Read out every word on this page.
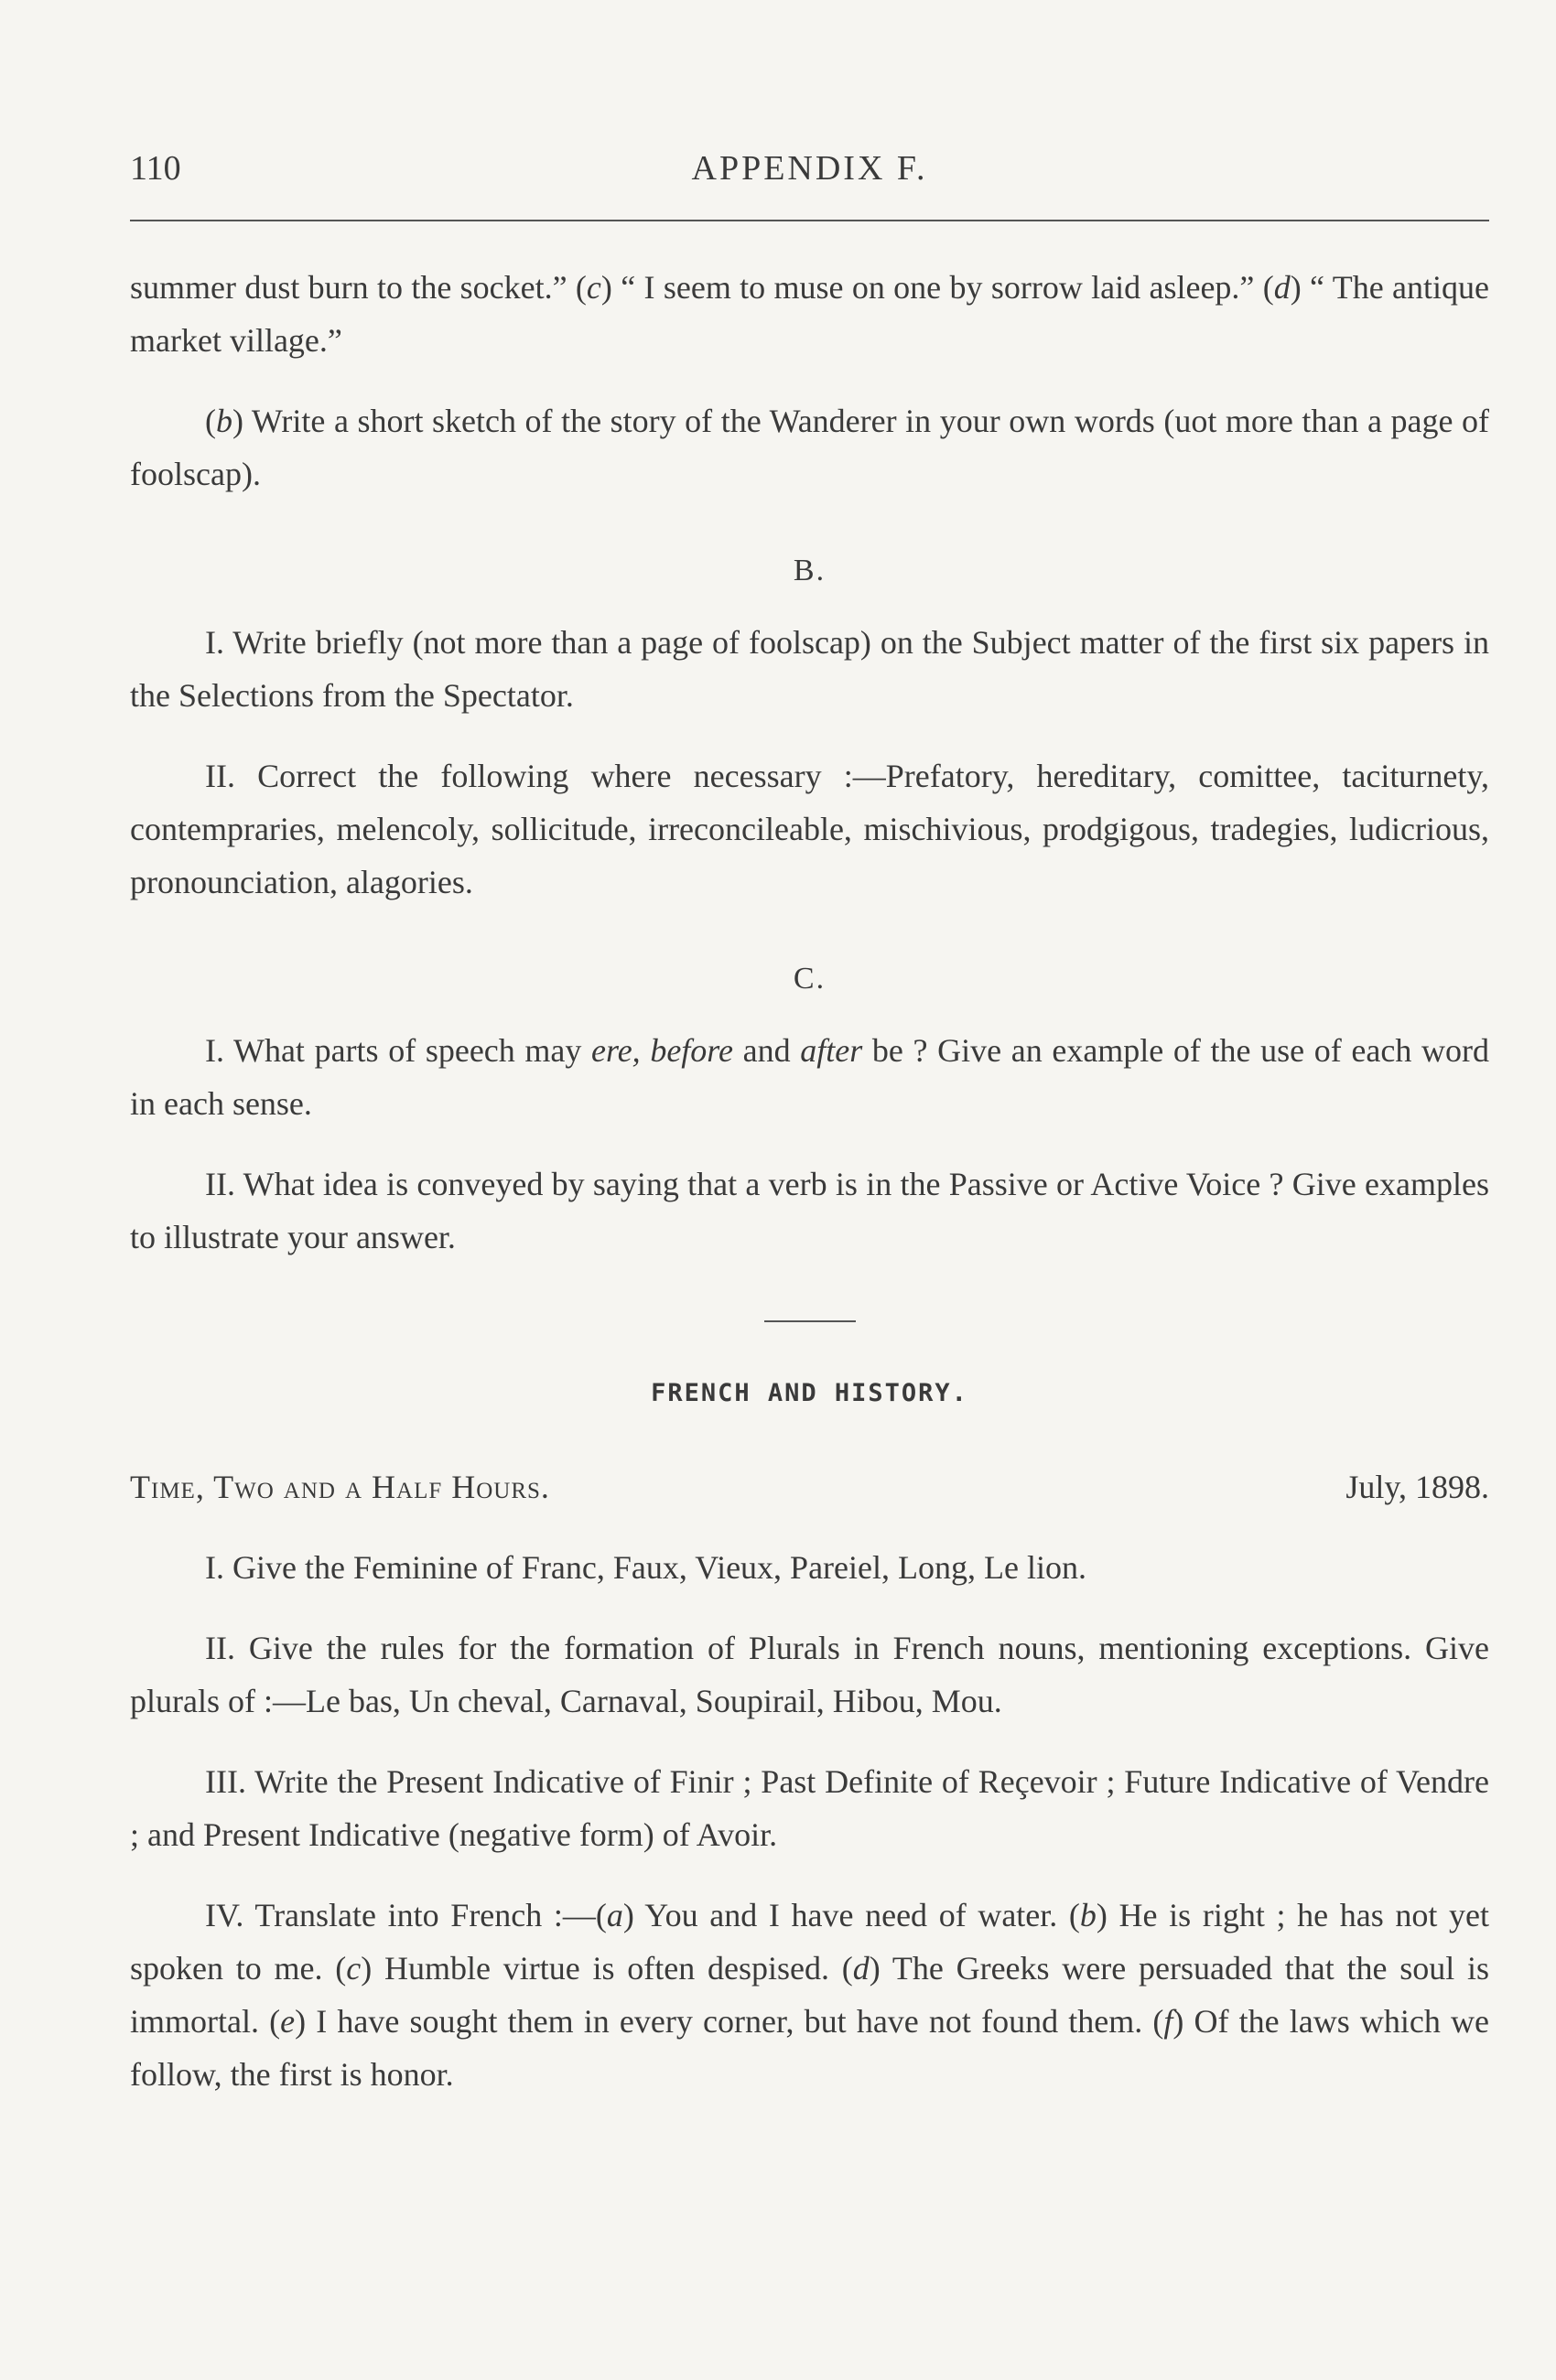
APPENDIX F.
110

summer dust burn to the socket.” (c) “ I seem to muse on one by sorrow laid asleep.” (d) “ The antique market village.”

(b) Write a short sketch of the story of the Wanderer in your own words (uot more than a page of foolscap).

B.

I. Write briefly (not more than a page of foolscap) on the Subject matter of the first six papers in the Selections from the Spectator.

II. Correct the following where necessary :—Prefatory, hereditary, comittee, taciturnety, contempraries, melencoly, sollicitude, irreconcileable, mischivious, prodgigous, tradegies, ludicrious, pronounciation, alagories.

C.

I. What parts of speech may ere, before and after be ? Give an example of the use of each word in each sense.

II. What idea is conveyed by saying that a verb is in the Passive or Active Voice ? Give examples to illustrate your answer.

FRENCH AND HISTORY.

Time, Two and a Half Hours.	July, 1898.

I. Give the Feminine of Franc, Faux, Vieux, Pareiel, Long, Le lion.

II. Give the rules for the formation of Plurals in French nouns, mentioning exceptions. Give plurals of :—Le bas, Un cheval, Carnaval, Soupirail, Hibou, Mou.

III. Write the Present Indicative of Finir ; Past Definite of Reçevoir ; Future Indicative of Vendre ; and Present Indicative (negative form) of Avoir.

IV. Translate into French :—(a) You and I have need of water. (b) He is right ; he has not yet spoken to me. (c) Humble virtue is often despised. (d) The Greeks were persuaded that the soul is immortal. (e) I have sought them in every corner, but have not found them. (f) Of the laws which we follow, the first is honor.
